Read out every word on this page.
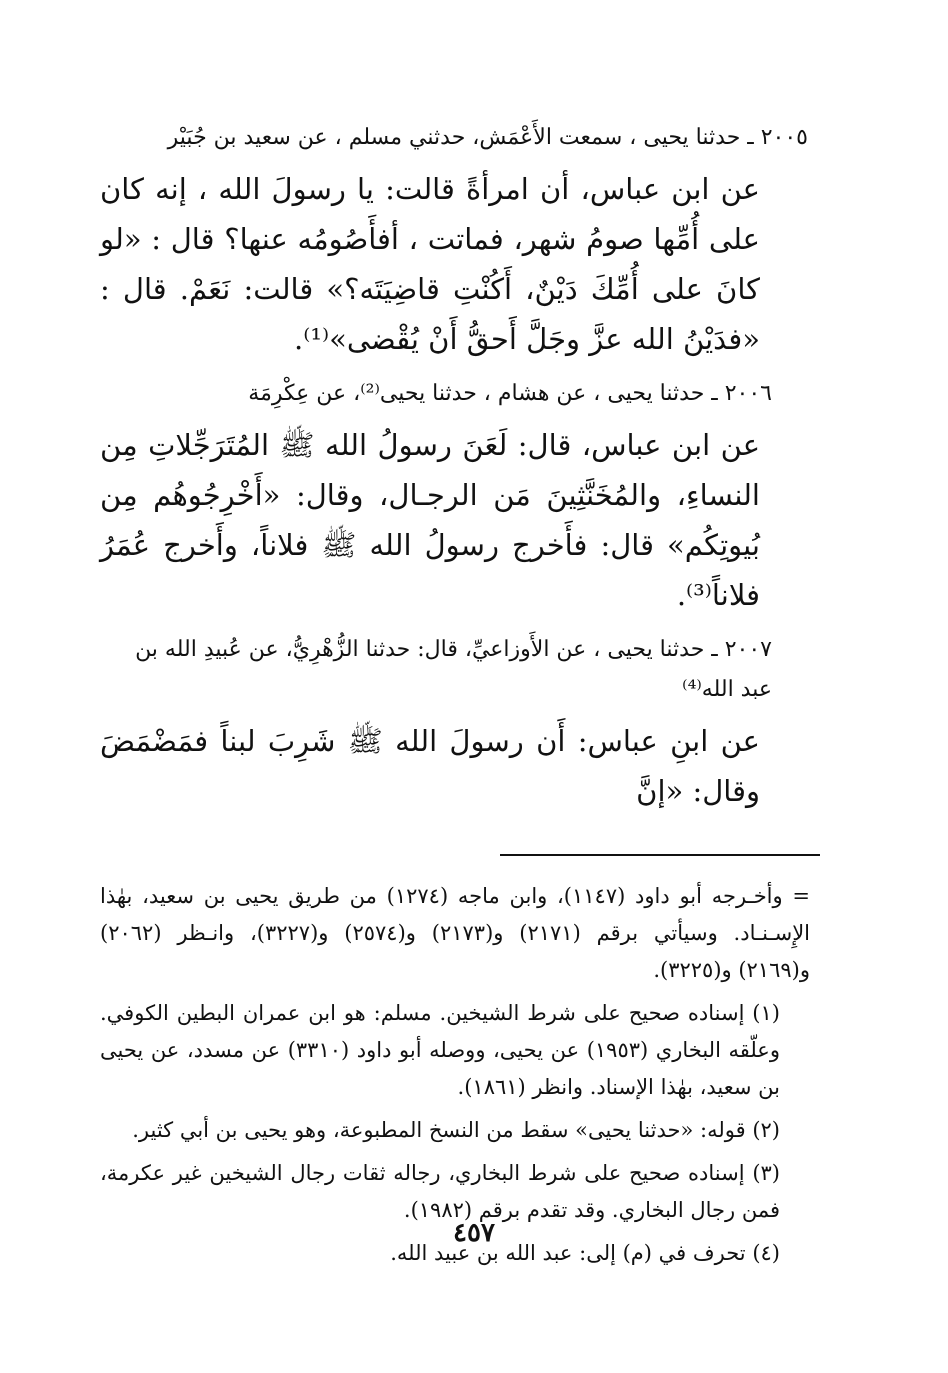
٢٠٠٥ ـ حدثنا يحيى ، سمعت الأَعْمَش، حدثني مسلم ، عن سعيد بن جُبَيْر

عن ابن عباس، أن امرأةً قالت: يا رسولَ الله ، إنه كان على أُمِّها صومُ شهر، فماتت ، أفأَصُومُه عنها؟ قال : «لو كانَ على أُمِّكَ دَيْنٌ، أَكُنْتِ قاضِيَتَه؟» قالت: نَعَمْ. قال : «فدَيْنُ الله عزَّ وجَلَّ أَحقُّ أَنْ يُقْضى»⁽¹⁾.

٢٠٠٦ ـ حدثنا يحيى ، عن هشام ، حدثنا يحيى⁽²⁾، عن عِكْرِمَة

عن ابن عباس، قال: لَعَنَ رسولُ الله ﷺ المُتَرَجِّلاتِ مِن النساءِ، والمُخَنَّثِينَ مَن الرجـال، وقال: «أَخْرِجُوهُم مِن بُيوتِكُم» قال: فأَخرج رسولُ الله ﷺ فلاناً، وأَخرج عُمَرُ فلاناً⁽³⁾.

٢٠٠٧ ـ حدثنا يحيى ، عن الأَوزاعيِّ، قال: حدثنا الزُّهْرِيُّ، عن عُبيدِ الله بن عبد الله⁽⁴⁾

عن ابنِ عباس: أَن رسولَ الله ﷺ شَرِبَ لبناً فمَضْمَضَ وقال: «إنَّ

= وأخـرجه أبو داود (١١٤٧)، وابن ماجه (١٢٧٤) من طريق يحيى بن سعيد، بهٰذا الإِسـنـاد. وسيأتي برقم (٢١٧١) و(٢١٧٣) و(٢٥٧٤) و(٣٢٢٧)، وانـظر (٢٠٦٢) و(٢١٦٩) و(٣٢٢٥).

(١) إسناده صحيح على شرط الشيخين. مسلم: هو ابن عمران البطين الكوفي. وعلّقه البخاري (١٩٥٣) عن يحيى، ووصله أبو داود (٣٣١٠) عن مسدد، عن يحيى بن سعيد، بهٰذا الإسناد. وانظر (١٨٦١).

(٢) قوله: «حدثنا يحيى» سقط من النسخ المطبوعة، وهو يحيى بن أبي كثير.

(٣) إسناده صحيح على شرط البخاري، رجاله ثقات رجال الشيخين غير عكرمة، فمن رجال البخاري. وقد تقدم برقم (١٩٨٢).

(٤) تحرف في (م) إلى: عبد الله بن عبيد الله.

٤٥٧
